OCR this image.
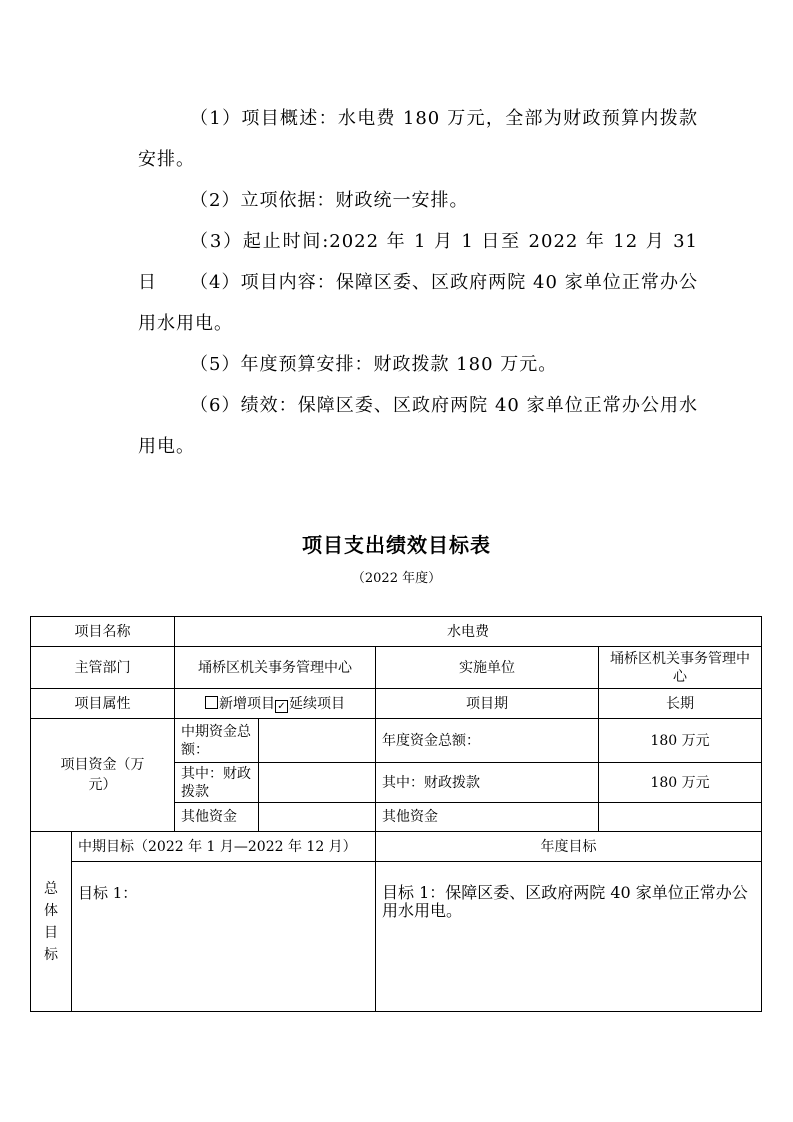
（1）项目概述：水电费 180 万元，全部为财政预算内拨款安排。

（2）立项依据：财政统一安排。

（3）起止时间:2022 年 1 月 1 日至 2022 年 12 月 31 日	（4）项目内容：保障区委、区政府两院 40 家单位正常办公用水用电。

（5）年度预算安排：财政拨款 180 万元。

（6）绩效：保障区委、区政府两院 40 家单位正常办公用水用电。

项目支出绩效目标表
（2022 年度）
项目名称		水电费			
主管部门		埇桥区机关事务管理中心		实施单位	埇桥区机关事务管理中心
项目属性		新增项目 ✓ 延续项目		项目期	长期

项目资金（万元）		中期资金总额：		年度资金总额：	180 万元
		其中：财政拨款		其中：财政拨款	180 万元
		其他资金		其他资金	

总体目标	中期目标（2022 年 1 月—2022 年 12 月）			年度目标	
	目标 1：			目标 1：保障区委、区政府两院 40 家单位正常办公用水用电。	
